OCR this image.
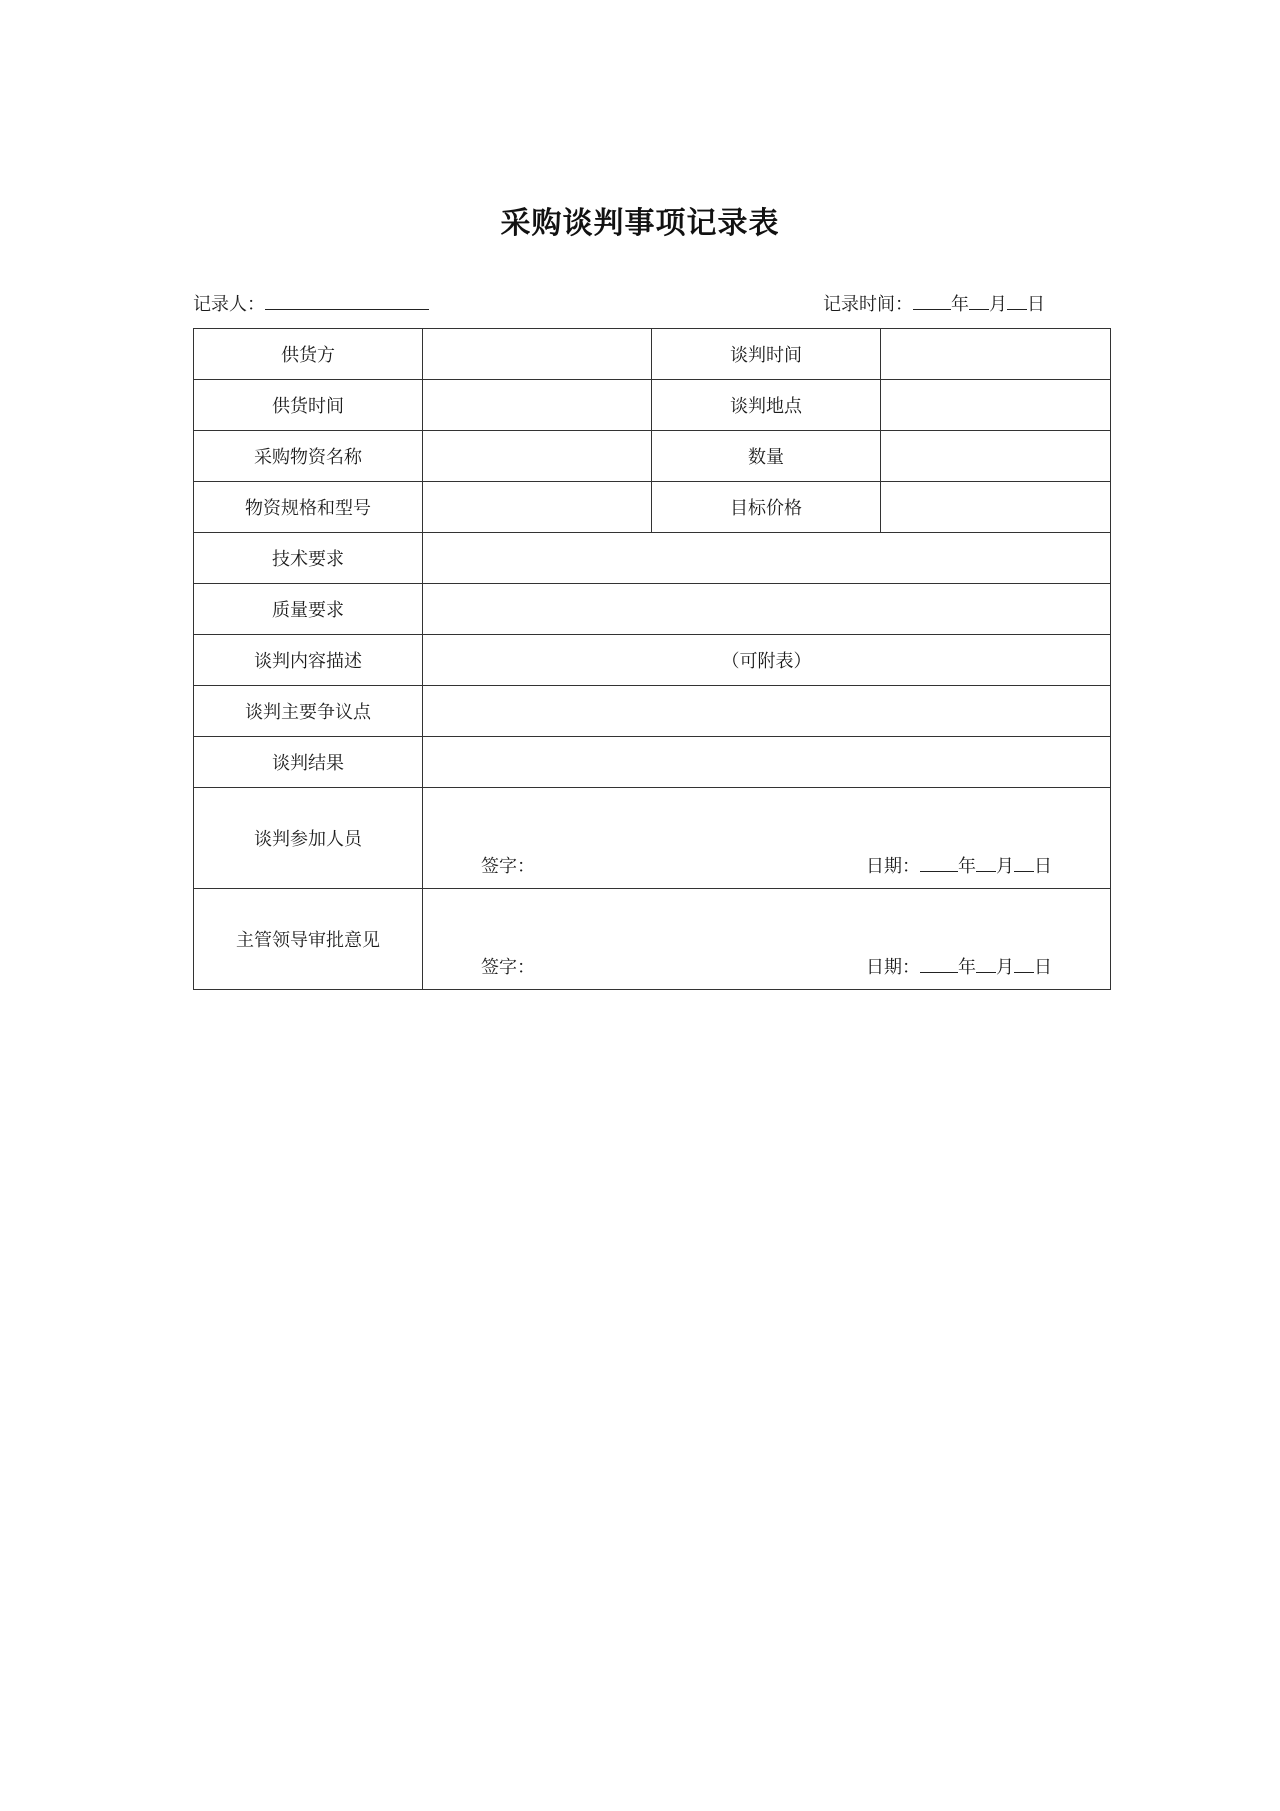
采购谈判事项记录表
记录人：	记录时间： 年 月 日
供货方		谈判时间	
供货时间		谈判地点	
采购物资名称		数量	
物资规格和型号		目标价格	
技术要求			
质量要求			
谈判内容描述	（可附表）		
谈判主要争议点			
谈判结果			
谈判参加人员	签字： 日期： 年 月 日		

主管领导审批意见	签字： 日期： 年 月 日		
